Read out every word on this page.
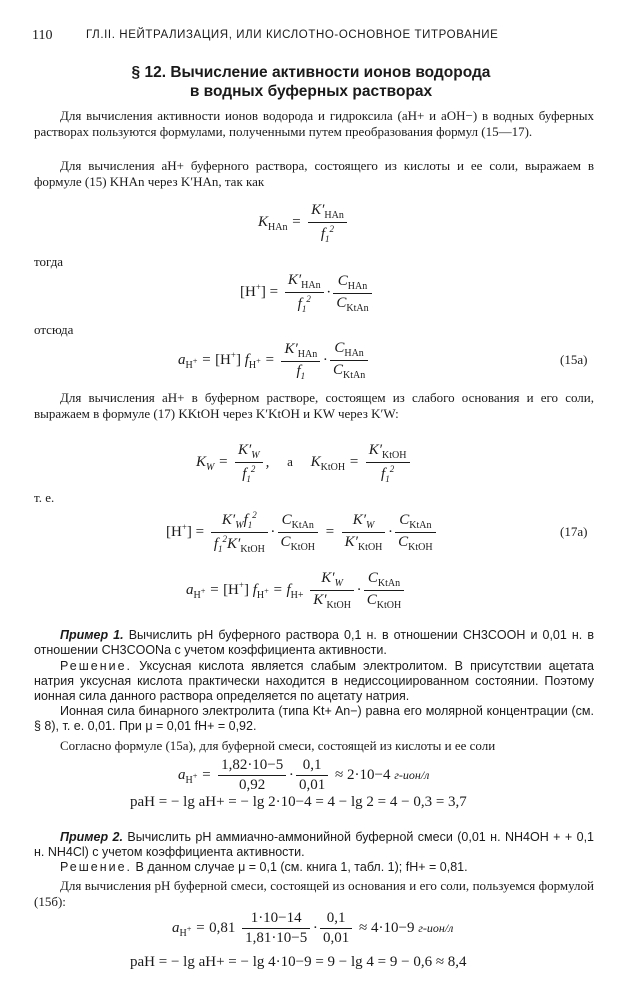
110	ГЛ.II. НЕЙТРАЛИЗАЦИЯ, ИЛИ КИСЛОТНО-ОСНОВНОЕ ТИТРОВАНИЕ
§ 12. Вычисление активности ионов водорода
в водных буферных растворах
Для вычисления активности ионов водорода и гидроксила (aH+ и aOH−) в водных буферных растворах пользуются формулами, полученными путем преобразования формул (15—17).
Для вычисления aH+ буферного раствора, состоящего из кислоты и ее соли, выражаем в формуле (15) KHAn через K′HAn, так как
$K_{HAn} = \frac{K'_{HAn}}{f_1^2}$
тогда
$[H^+] = \frac{K'_{HAn}}{f_1^2} \cdot \frac{C_{HAn}}{C_{KtAn}}$
отсюда
$a_{H^+} = [H^+] f_{H^+} = \frac{K'_{HAn}}{f_1} \cdot \frac{C_{HAn}}{C_{KtAn}}$	(15a)
Для вычисления aH+ в буферном растворе, состоящем из слабого основания и его соли, выражаем в формуле (17) KKtOH через K′KtOH и KW через K′W:
$K_W = \frac{K'_W}{f_1^2}$ , а $K_{KtOH} = \frac{K'_{KtOH}}{f_1^2}$
т. е.
$[H^+] = \frac{K'_Wf_1^2}{f_1^2K'_{KtOH}} \cdot \frac{C_{KtAn}}{C_{KtOH}} = \frac{K'_W}{K'_{KtOH}} \cdot \frac{C_{KtAn}}{C_{KtOH}}$	(17a)
$a_{H^+} = [H^+] f_{H^+} = f_{H+} \frac{K'_W}{K'_{KtOH}} \cdot \frac{C_{KtAn}}{C_{KtOH}}$
Пример 1. Вычислить pH буферного раствора 0,1 н. в отношении CH3COOH и 0,01 н. в отношении CH3COONa с учетом коэффициента активности.
Решение. Уксусная кислота является слабым электролитом. В присутствии ацетата натрия уксусная кислота практически находится в недиссоциированном состоянии. Поэтому ионная сила данного раствора определяется по ацетату натрия.
Ионная сила бинарного электролита (типа Kt+ An−) равна его молярной концентрации (см. § 8), т. е. 0,01. При μ = 0,01 fH+ = 0,92.
Согласно формуле (15а), для буферной смеси, состоящей из кислоты и ее соли
$a_{H^+} = \frac{1,82\cdot 10-5}{0,92} \cdot \frac{0,1}{0,01} \approx 2\cdot 10-4$ г-ион/л
paH = − lg aH+ = − lg 2·10−4 = 4 − lg 2 = 4 − 0,3 = 3,7
Пример 2. Вычислить pH аммиачно-аммонийной буферной смеси (0,01 н. NH4OH + + 0,1 н. NH4Cl) с учетом коэффициента активности.
Решение. В данном случае μ = 0,1 (см. книга 1, табл. 1); fH+ = 0,81.
Для вычисления pH буферной смеси, состоящей из основания и его соли, пользуемся формулой (15б):
$a_{H^+} = 0,81 \frac{1\cdot 10-14}{1,81\cdot 10-5} \cdot \frac{0,1}{0,01} \approx 4\cdot 10-9$ г-ион/л
paH = − lg aH+ = − lg 4·10−9 = 9 − lg 4 = 9 − 0,6 ≈ 8,4
